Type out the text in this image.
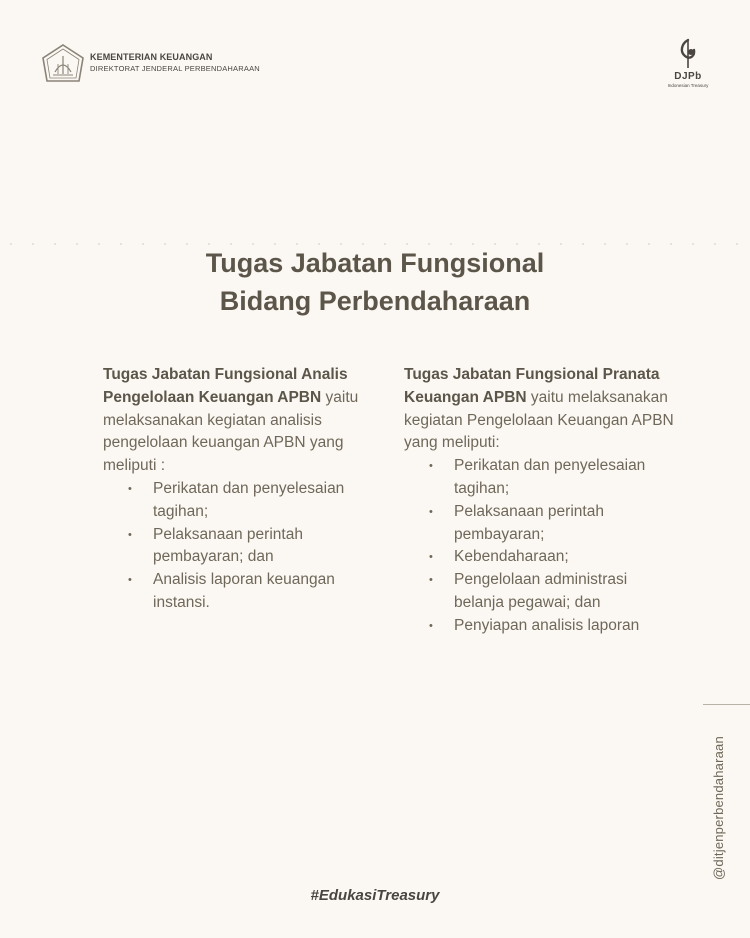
KEMENTERIAN KEUANGAN
DIREKTORAT JENDERAL PERBENDAHARAAN
DJPb
Indonesian Treasury
Tugas Jabatan Fungsional
Bidang Perbendaharaan
Tugas Jabatan Fungsional Analis Pengelolaan Keuangan APBN yaitu melaksanakan kegiatan analisis pengelolaan keuangan APBN yang meliputi :
• Perikatan dan penyelesaian tagihan;
• Pelaksanaan perintah pembayaran; dan
• Analisis laporan keuangan instansi.
Tugas Jabatan Fungsional Pranata Keuangan APBN yaitu melaksanakan kegiatan Pengelolaan Keuangan APBN yang meliputi:
• Perikatan dan penyelesaian tagihan;
• Pelaksanaan perintah pembayaran;
• Kebendaharaan;
• Pengelolaan administrasi belanja pegawai; dan
• Penyiapan analisis laporan
@ditjenperbendaharaan
#EdukasiTreasury
